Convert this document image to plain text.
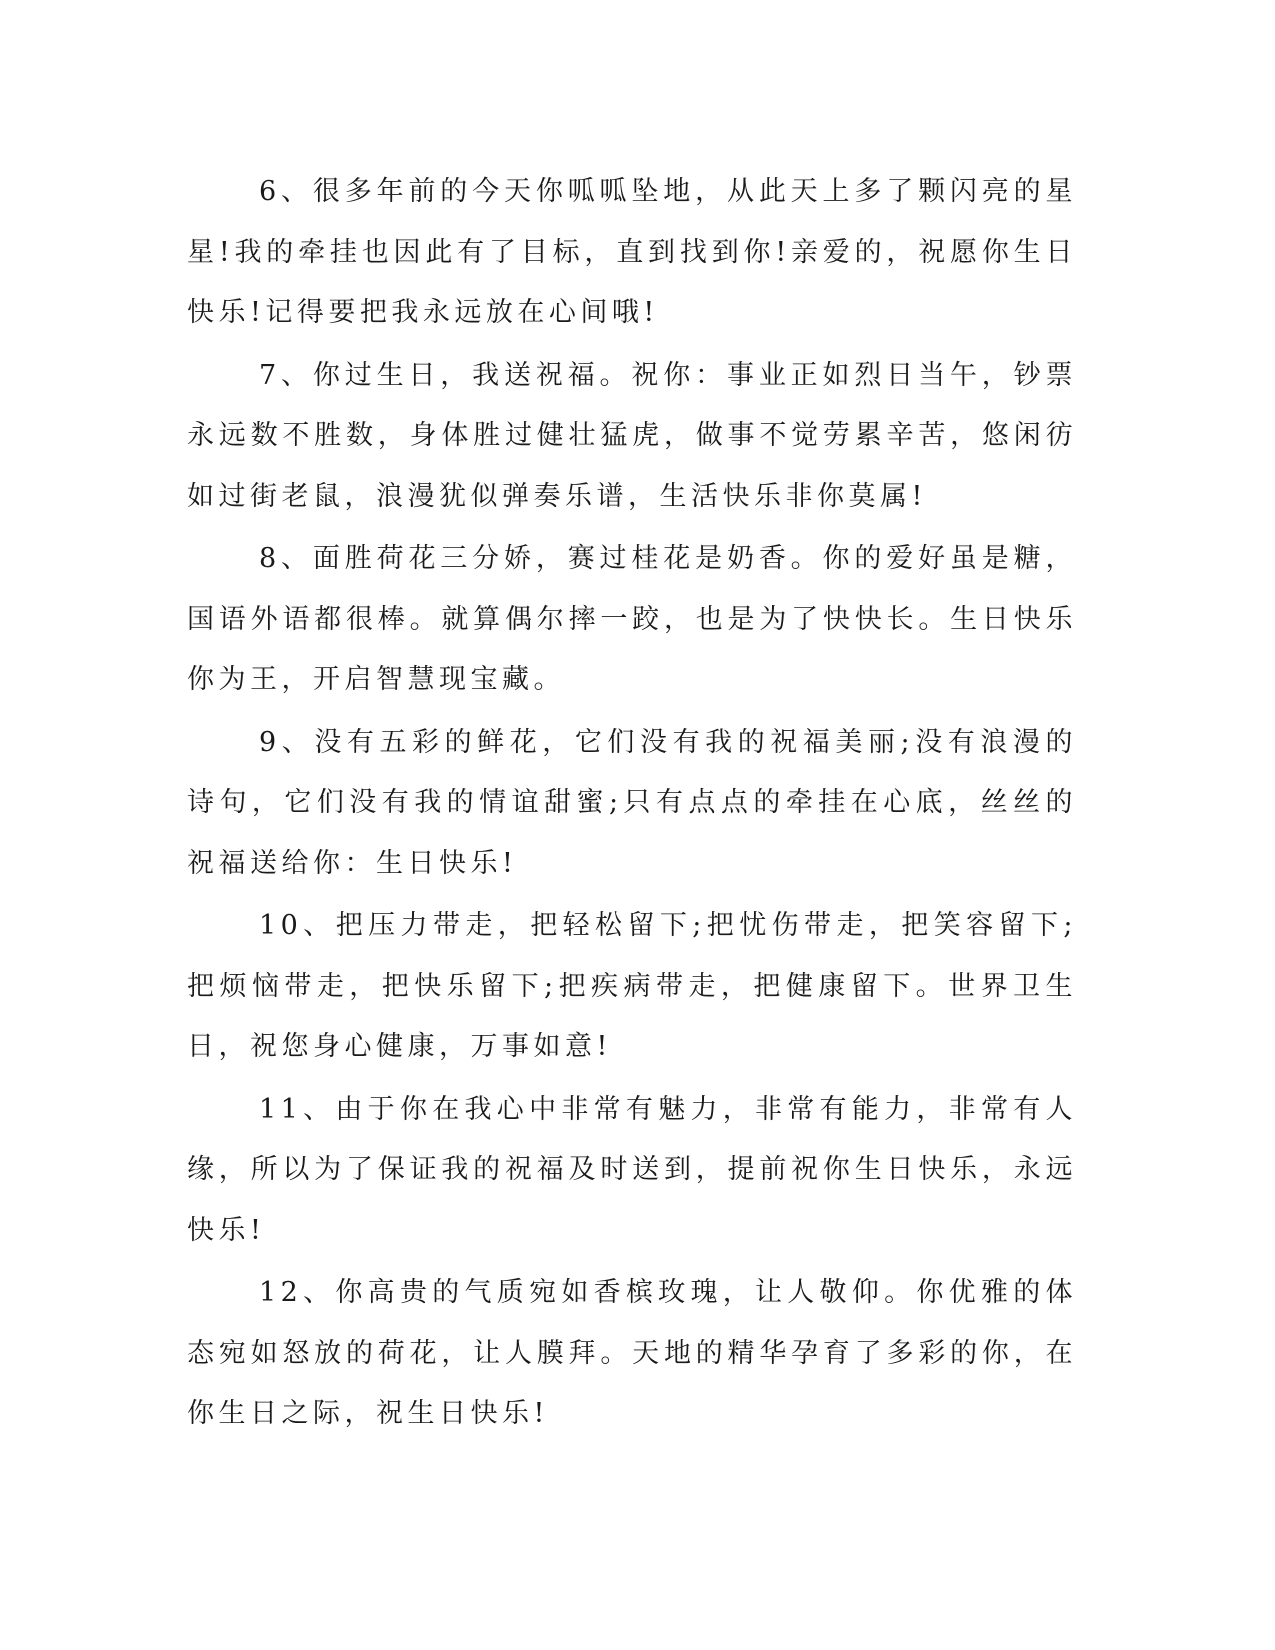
6、很多年前的今天你呱呱坠地，从此天上多了颗闪亮的星星!我的牵挂也因此有了目标，直到找到你!亲爱的，祝愿你生日快乐!记得要把我永远放在心间哦!

7、你过生日，我送祝福。祝你：事业正如烈日当午，钞票永远数不胜数，身体胜过健壮猛虎，做事不觉劳累辛苦，悠闲彷如过街老鼠，浪漫犹似弹奏乐谱，生活快乐非你莫属!

8、面胜荷花三分娇，赛过桂花是奶香。你的爱好虽是糖，国语外语都很棒。就算偶尔摔一跤，也是为了快快长。生日快乐你为王，开启智慧现宝藏。

9、没有五彩的鲜花，它们没有我的祝福美丽;没有浪漫的诗句，它们没有我的情谊甜蜜;只有点点的牵挂在心底，丝丝的祝福送给你：生日快乐!

10、把压力带走，把轻松留下;把忧伤带走，把笑容留下;把烦恼带走，把快乐留下;把疾病带走，把健康留下。世界卫生日，祝您身心健康，万事如意!

11、由于你在我心中非常有魅力，非常有能力，非常有人缘，所以为了保证我的祝福及时送到，提前祝你生日快乐，永远快乐!

12、你高贵的气质宛如香槟玫瑰，让人敬仰。你优雅的体态宛如怒放的荷花，让人膜拜。天地的精华孕育了多彩的你，在你生日之际，祝生日快乐!
